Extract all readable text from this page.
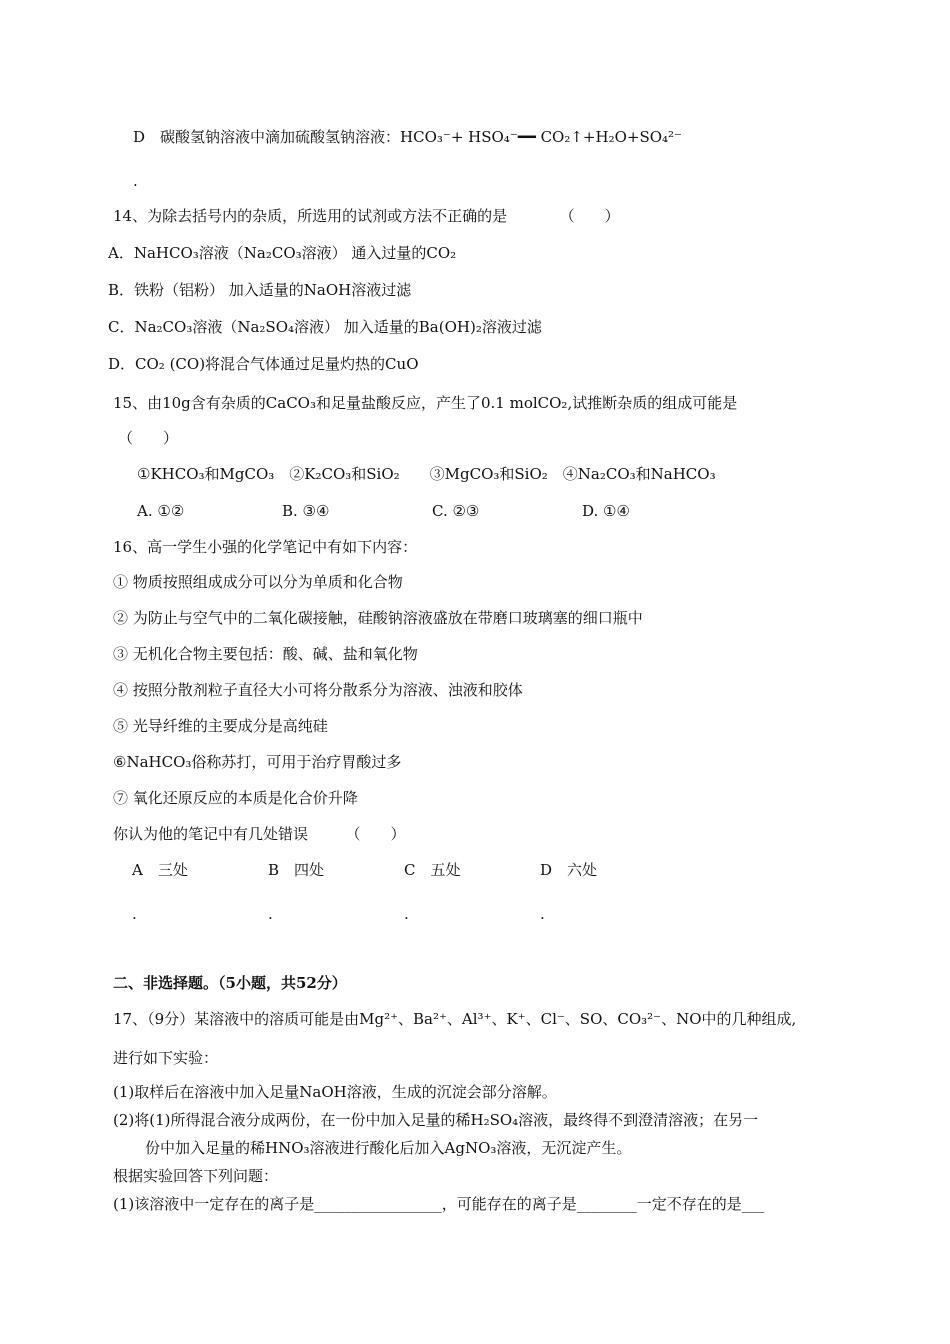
D　碳酸氢钠溶液中滴加硫酸氢钠溶液：HCO₃⁻+ HSO₄⁻━━ CO₂↑+H₂O+SO₄²⁻
.
14、为除去括号内的杂质，所选用的试剂或方法不正确的是　　　　（　　）
A．NaHCO₃溶液（Na₂CO₃溶液） 通入过量的CO₂
B．铁粉（铝粉） 加入适量的NaOH溶液过滤
C．Na₂CO₃溶液（Na₂SO₄溶液） 加入适量的Ba(OH)₂溶液过滤
D．CO₂ (CO)将混合气体通过足量灼热的CuO
15、由10g含有杂质的CaCO₃和足量盐酸反应，产生了0.1 molCO₂,试推断杂质的组成可能是
（　　）
①KHCO₃和MgCO₃　②K₂CO₃和SiO₂　　③MgCO₃和SiO₂　④Na₂CO₃和NaHCO₃
A. ①②	B. ③④	C. ②③	D. ①④
16、高一学生小强的化学笔记中有如下内容：
① 物质按照组成成分可以分为单质和化合物
② 为防止与空气中的二氧化碳接触，硅酸钠溶液盛放在带磨口玻璃塞的细口瓶中
③ 无机化合物主要包括：酸、碱、盐和氧化物
④ 按照分散剂粒子直径大小可将分散系分为溶液、浊液和胶体
⑤ 光导纤维的主要成分是高纯硅
⑥NaHCO₃俗称苏打，可用于治疗胃酸过多
⑦ 氧化还原反应的本质是化合价升降
你认为他的笔记中有几处错误　　　（　　）
A　三处	B　四处	C　五处	D　六处
.	.	.	.
二、非选择题。（5小题，共52分）
17、（9分）某溶液中的溶质可能是由Mg²⁺、Ba²⁺、Al³⁺、K⁺、Cl⁻、SO、CO₃²⁻、NO中的几种组成,
进行如下实验：
(1)取样后在溶液中加入足量NaOH溶液，生成的沉淀会部分溶解。
(2)将(1)所得混合液分成两份，在一份中加入足量的稀H₂SO₄溶液，最终得不到澄清溶液；在另一
份中加入足量的稀HNO₃溶液进行酸化后加入AgNO₃溶液，无沉淀产生。
根据实验回答下列问题：
(1)该溶液中一定存在的离子是_________________，可能存在的离子是________一定不存在的是___
